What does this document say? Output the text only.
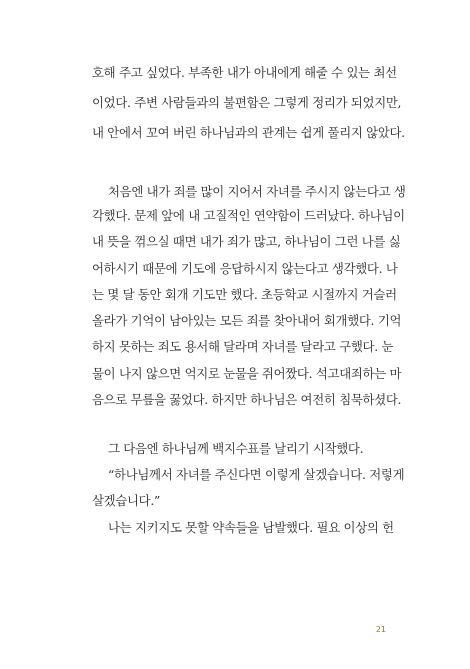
호해 주고 싶었다. 부족한 내가 아내에게 해줄 수 있는 최선
이었다. 주변 사람들과의 불편함은 그렇게 정리가 되었지만,
내 안에서 꼬여 버린 하나님과의 관계는 쉽게 풀리지 않았다.
처음엔 내가 죄를 많이 지어서 자녀를 주시지 않는다고 생
각했다. 문제 앞에 내 고질적인 연약함이 드러났다. 하나님이
내 뜻을 꺾으실 때면 내가 죄가 많고, 하나님이 그런 나를 싫
어하시기 때문에 기도에 응답하시지 않는다고 생각했다. 나
는 몇 달 동안 회개 기도만 했다. 초등학교 시절까지 거슬러
올라가 기억이 남아있는 모든 죄를 찾아내어 회개했다. 기억
하지 못하는 죄도 용서해 달라며 자녀를 달라고 구했다. 눈
물이 나지 않으면 억지로 눈물을 쥐어짰다. 석고대죄하는 마
음으로 무릎을 꿇었다. 하지만 하나님은 여전히 침묵하셨다.
그 다음엔 하나님께 백지수표를 날리기 시작했다.
“하나님께서 자녀를 주신다면 이렇게 살겠습니다. 저렇게
살겠습니다.”
나는 지키지도 못할 약속들을 남발했다. 필요 이상의 헌
21
